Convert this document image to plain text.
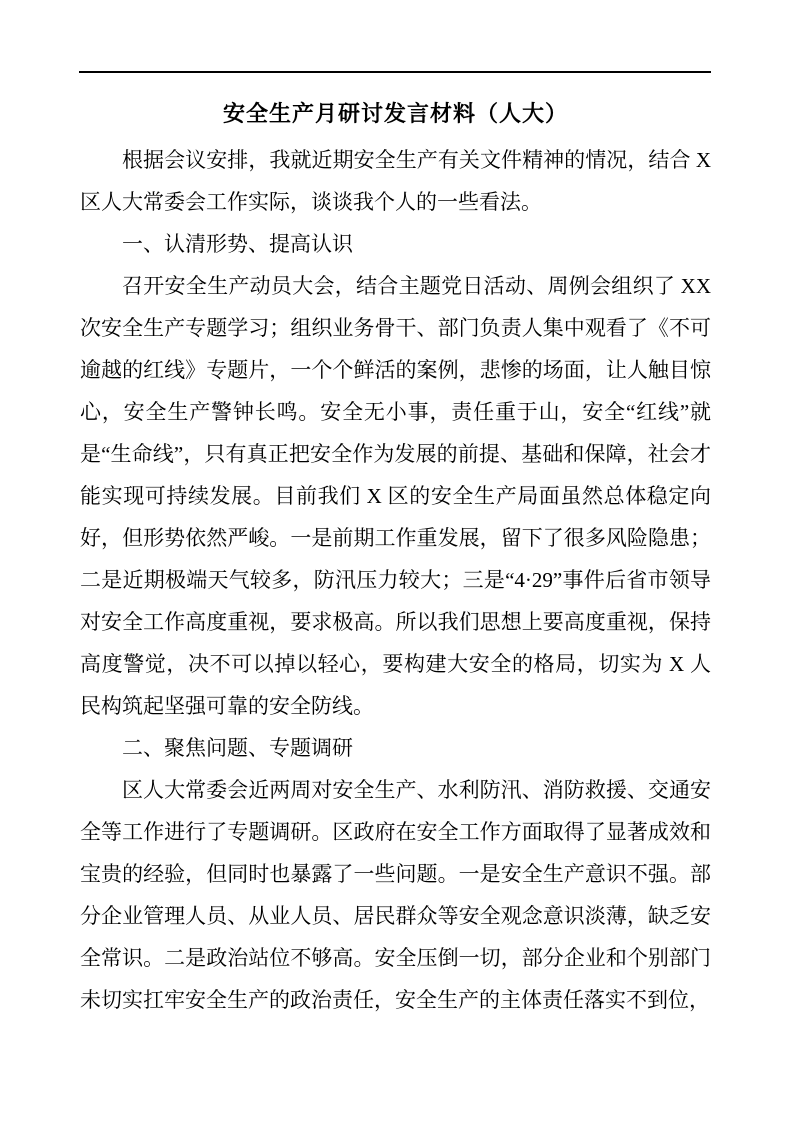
安全生产月研讨发言材料（人大）

根据会议安排，我就近期安全生产有关文件精神的情况，结合 X 区人大常委会工作实际，谈谈我个人的一些看法。

一、认清形势、提高认识

召开安全生产动员大会，结合主题党日活动、周例会组织了 XX 次安全生产专题学习；组织业务骨干、部门负责人集中观看了《不可逾越的红线》专题片，一个个鲜活的案例，悲惨的场面，让人触目惊心，安全生产警钟长鸣。安全无小事，责任重于山，安全“红线”就是“生命线”，只有真正把安全作为发展的前提、基础和保障，社会才能实现可持续发展。目前我们 X 区的安全生产局面虽然总体稳定向好，但形势依然严峻。一是前期工作重发展，留下了很多风险隐患；二是近期极端天气较多，防汛压力较大；三是“4·29”事件后省市领导对安全工作高度重视，要求极高。所以我们思想上要高度重视，保持高度警觉，决不可以掉以轻心，要构建大安全的格局，切实为 X 人民构筑起坚强可靠的安全防线。

二、聚焦问题、专题调研

区人大常委会近两周对安全生产、水利防汛、消防救援、交通安全等工作进行了专题调研。区政府在安全工作方面取得了显著成效和宝贵的经验，但同时也暴露了一些问题。一是安全生产意识不强。部分企业管理人员、从业人员、居民群众等安全观念意识淡薄，缺乏安全常识。二是政治站位不够高。安全压倒一切，部分企业和个别部门未切实扛牢安全生产的政治责任，安全生产的主体责任落实不到位，
